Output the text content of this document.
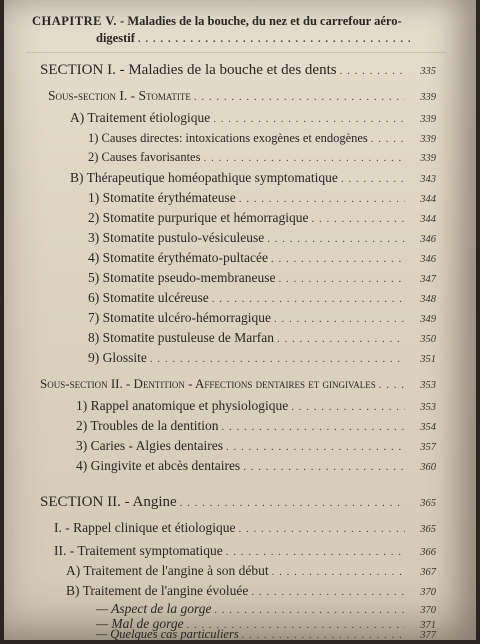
CHAPITRE V. - Maladies de la bouche, du nez et du carrefour aéro-
digestif
. . .
SECTION I. - Maladies de la bouche et des dents . . .	335
Sous-section I. - Stomatite . . .	339
A) Traitement étiologique . . .	339
1) Causes directes: intoxications exogènes et endogènes . . .	339
2) Causes favorisantes . . .	339
B) Thérapeutique homéopathique symptomatique . . .	343
1) Stomatite érythémateuse . . .	344
2) Stomatite purpurique et hémorragique . . .	344
3) Stomatite pustulo-vésiculeuse . . .	346
4) Stomatite érythémato-pultacée . . .	346
5) Stomatite pseudo-membraneuse . . .	347
6) Stomatite ulcéreuse . . .	348
7) Stomatite ulcéro-hémorragique . . .	349
8) Stomatite pustuleuse de Marfan . . .	350
9) Glossite . . .	351
Sous-section II. - Dentition - Affections dentaires et gingivales . . .	353
1) Rappel anatomique et physiologique . . .	353
2) Troubles de la dentition . . .	354
3) Caries - Algies dentaires . . .	357
4) Gingivite et abcès dentaires . . .	360
SECTION II. - Angine . . .	365
I. - Rappel clinique et étiologique . . .	365
II. - Traitement symptomatique . . .	366
A) Traitement de l'angine à son début . . .	367
B) Traitement de l'angine évoluée . . .	370
— Aspect de la gorge . . .	370
— Mal de gorge . . .	371
— Quelques cas particuliers . . .	377
